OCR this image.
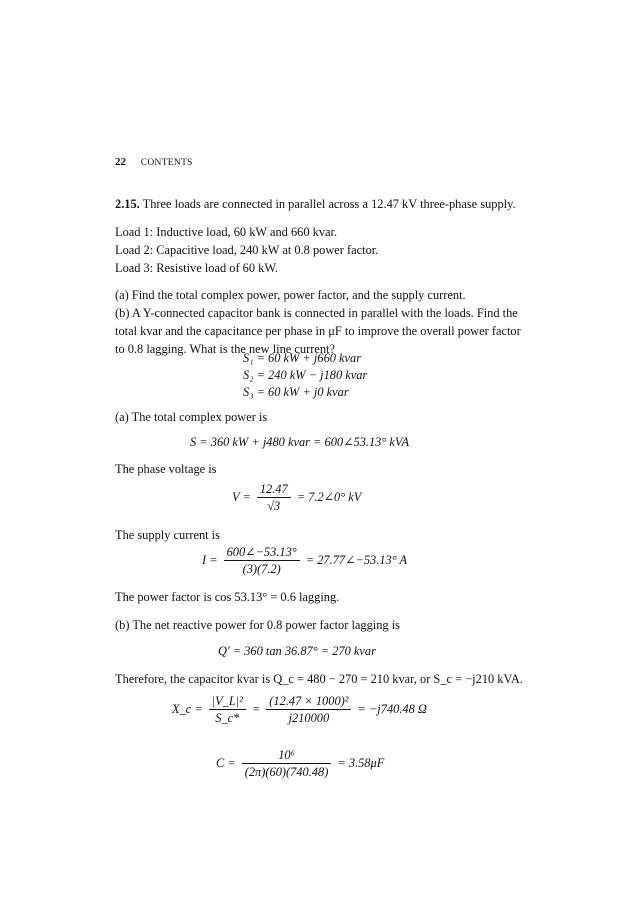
22 CONTENTS
2.15. Three loads are connected in parallel across a 12.47 kV three-phase supply.
Load 1: Inductive load, 60 kW and 660 kvar.
Load 2: Capacitive load, 240 kW at 0.8 power factor.
Load 3: Resistive load of 60 kW.
(a) Find the total complex power, power factor, and the supply current.
(b) A Y-connected capacitor bank is connected in parallel with the loads. Find the
total kvar and the capacitance per phase in μF to improve the overall power factor
to 0.8 lagging. What is the new line current?
S₁ = 60 kW + j660 kvar
S₂ = 240 kW − j180 kvar
S₃ = 60 kW + j0 kvar
(a) The total complex power is
S = 360 kW + j480 kvar = 600∠53.13° kVA
The phase voltage is
$V = \frac{12.47}{√3}$ = 7.2∠0° kV
The supply current is
$I = \frac{600\angle-53.13^\circ}{(3)(7.2)}$ = 27.77∠−53.13° A
The power factor is cos 53.13° = 0.6 lagging.
(b) The net reactive power for 0.8 power factor lagging is
Q′ = 360 tan 36.87° = 270 kvar
Therefore, the capacitor kvar is Q_c = 480 − 270 = 210 kvar, or S_c = −j210 kVA.
X_c = $\frac{\text{|V\_L|²}}{S\_c*} = \frac{\text{(12.47 × 1000)²}}{j210000} = -j740.48$ Ω
$C = \frac{\text{10⁶}}{(2\pi)(60)(740.48)} = 3.58\mu F$
